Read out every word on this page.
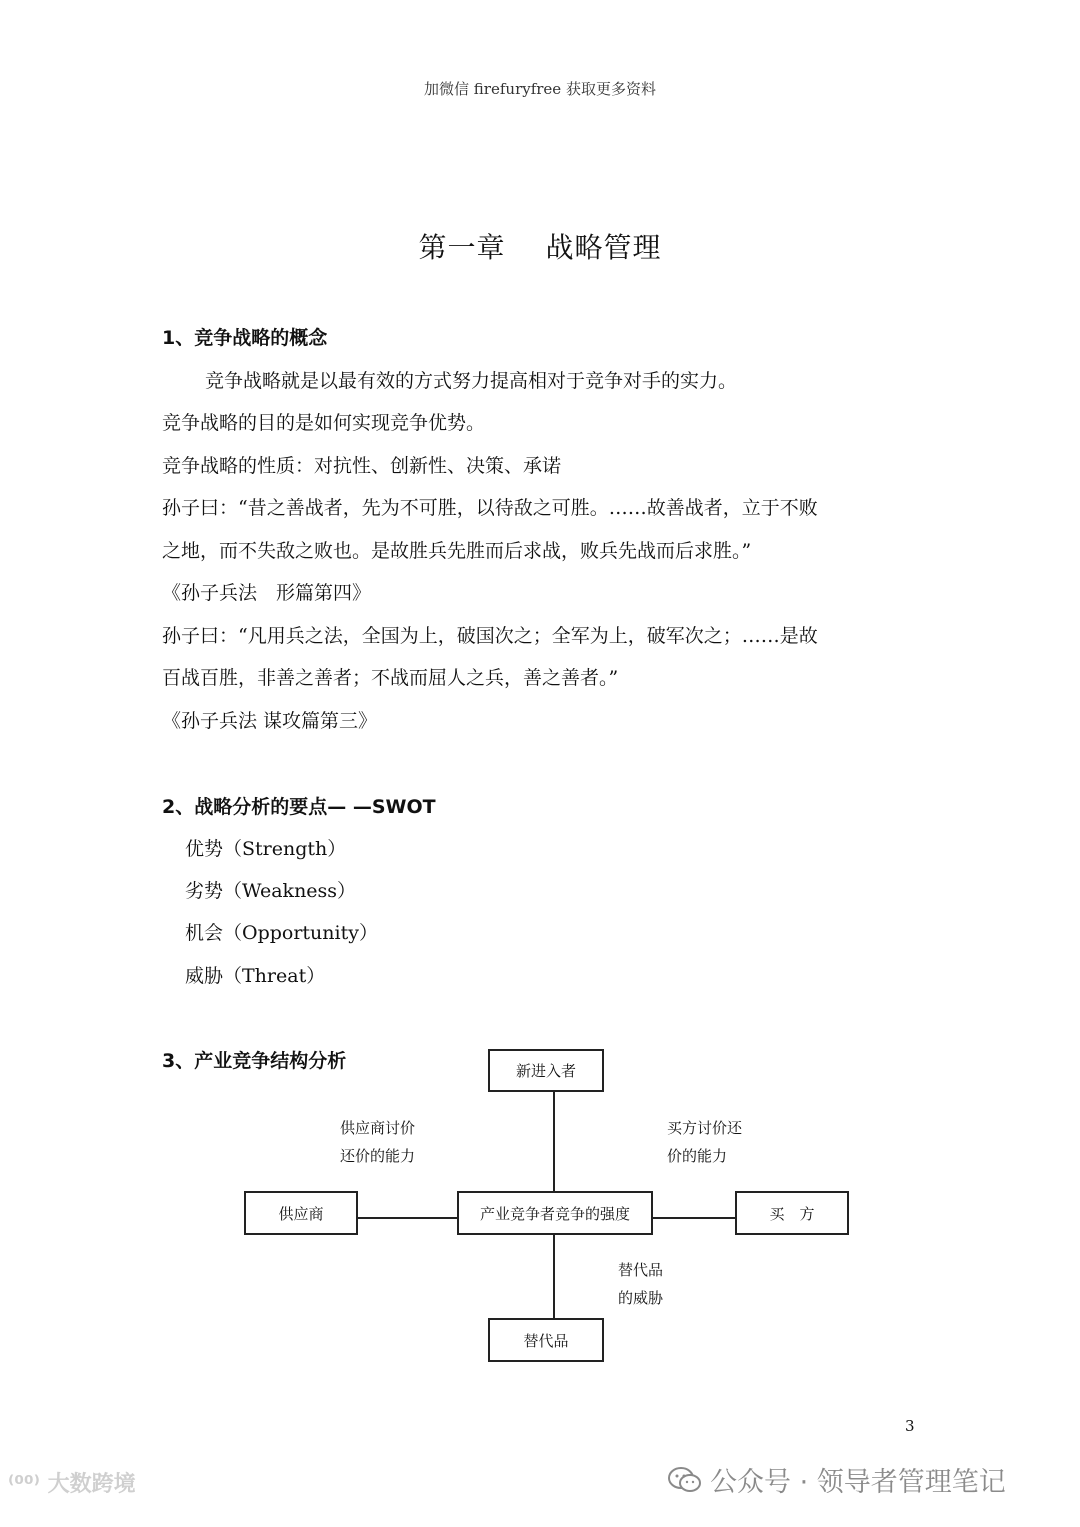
加微信 firefuryfree 获取更多资料
第一章 战略管理
1、竞争战略的概念
竞争战略就是以最有效的方式努力提高相对于竞争对手的实力。
竞争战略的目的是如何实现竞争优势。
竞争战略的性质：对抗性、创新性、决策、承诺
孙子曰：“昔之善战者，先为不可胜，以待敌之可胜。……故善战者，立于不败
之地，而不失敌之败也。是故胜兵先胜而后求战，败兵先战而后求胜。”
《孙子兵法　形篇第四》
孙子曰：“凡用兵之法，全国为上，破国次之；全军为上，破军次之；……是故
百战百胜，非善之善者；不战而屈人之兵，善之善者。”
《孙子兵法 谋攻篇第三》
2、战略分析的要点— —SWOT
优势（Strength）
劣势（Weakness）
机会（Opportunity）
威胁（Threat）
3、产业竞争结构分析	新进入者
供应商	产业竞争者竞争的强度	买　方
替代品
供应商讨价
还价的能力
买方讨价还
价的能力
替代品
的威胁
3
⁽⁰⁰⁾ 大数跨境	公众号 · 领导者管理笔记
